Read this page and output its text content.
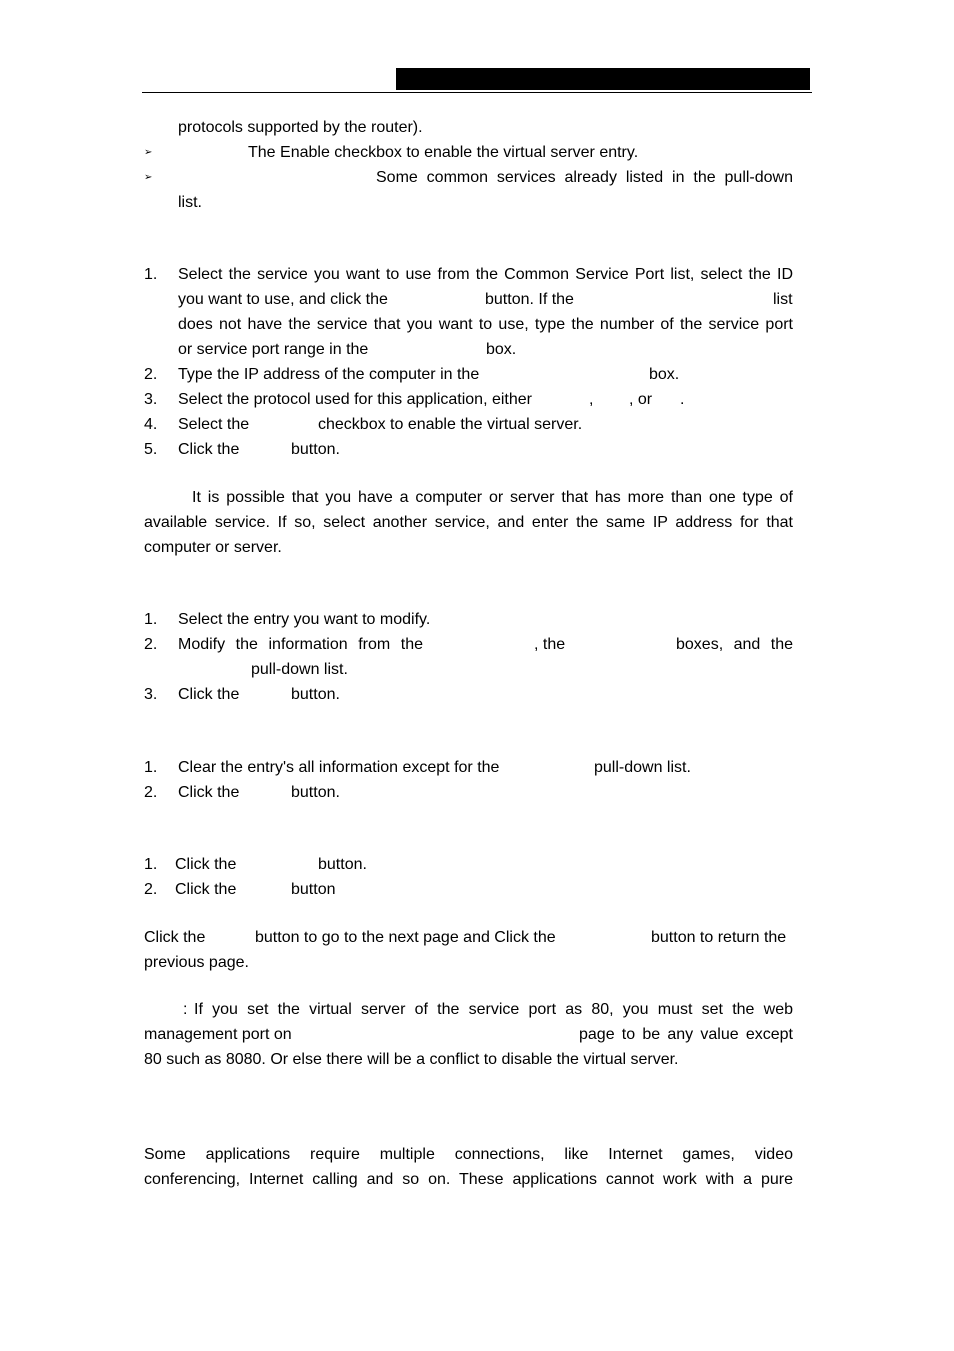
protocols supported by the router).
➢	The Enable checkbox to enable the virtual server entry.
➢	Some common services already listed in the pull-down
list.
1. Select the service you want to use from the Common Service Port list, select the ID
you want to use, and click the	button. If the	list
does not have the service that you want to use, type the number of the service port
or service port range in the	box.
2. Type the IP address of the computer in the	box.
3. Select the protocol used for this application, either	, , or .
4. Select the	checkbox to enable the virtual server.
5. Click the	button.
It is possible that you have a computer or server that has more than one type of
available service. If so, select another service, and enter the same IP address for that
computer or server.
1. Select the entry you want to modify.
2. Modify the information from the	, the	boxes, and the
pull-down list.
3. Click the	button.
1. Clear the entry's all information except for the	pull-down list.
2. Click the	button.
1. Click the	button.
2. Click the	button
Click the	button to go to the next page and Click the	button to return the
previous page.
: If you set the virtual server of the service port as 80, you must set the web
management port on	page to be any value except
80 such as 8080. Or else there will be a conflict to disable the virtual server.
Some applications require multiple connections, like Internet games, video
conferencing, Internet calling and so on. These applications cannot work with a pure
